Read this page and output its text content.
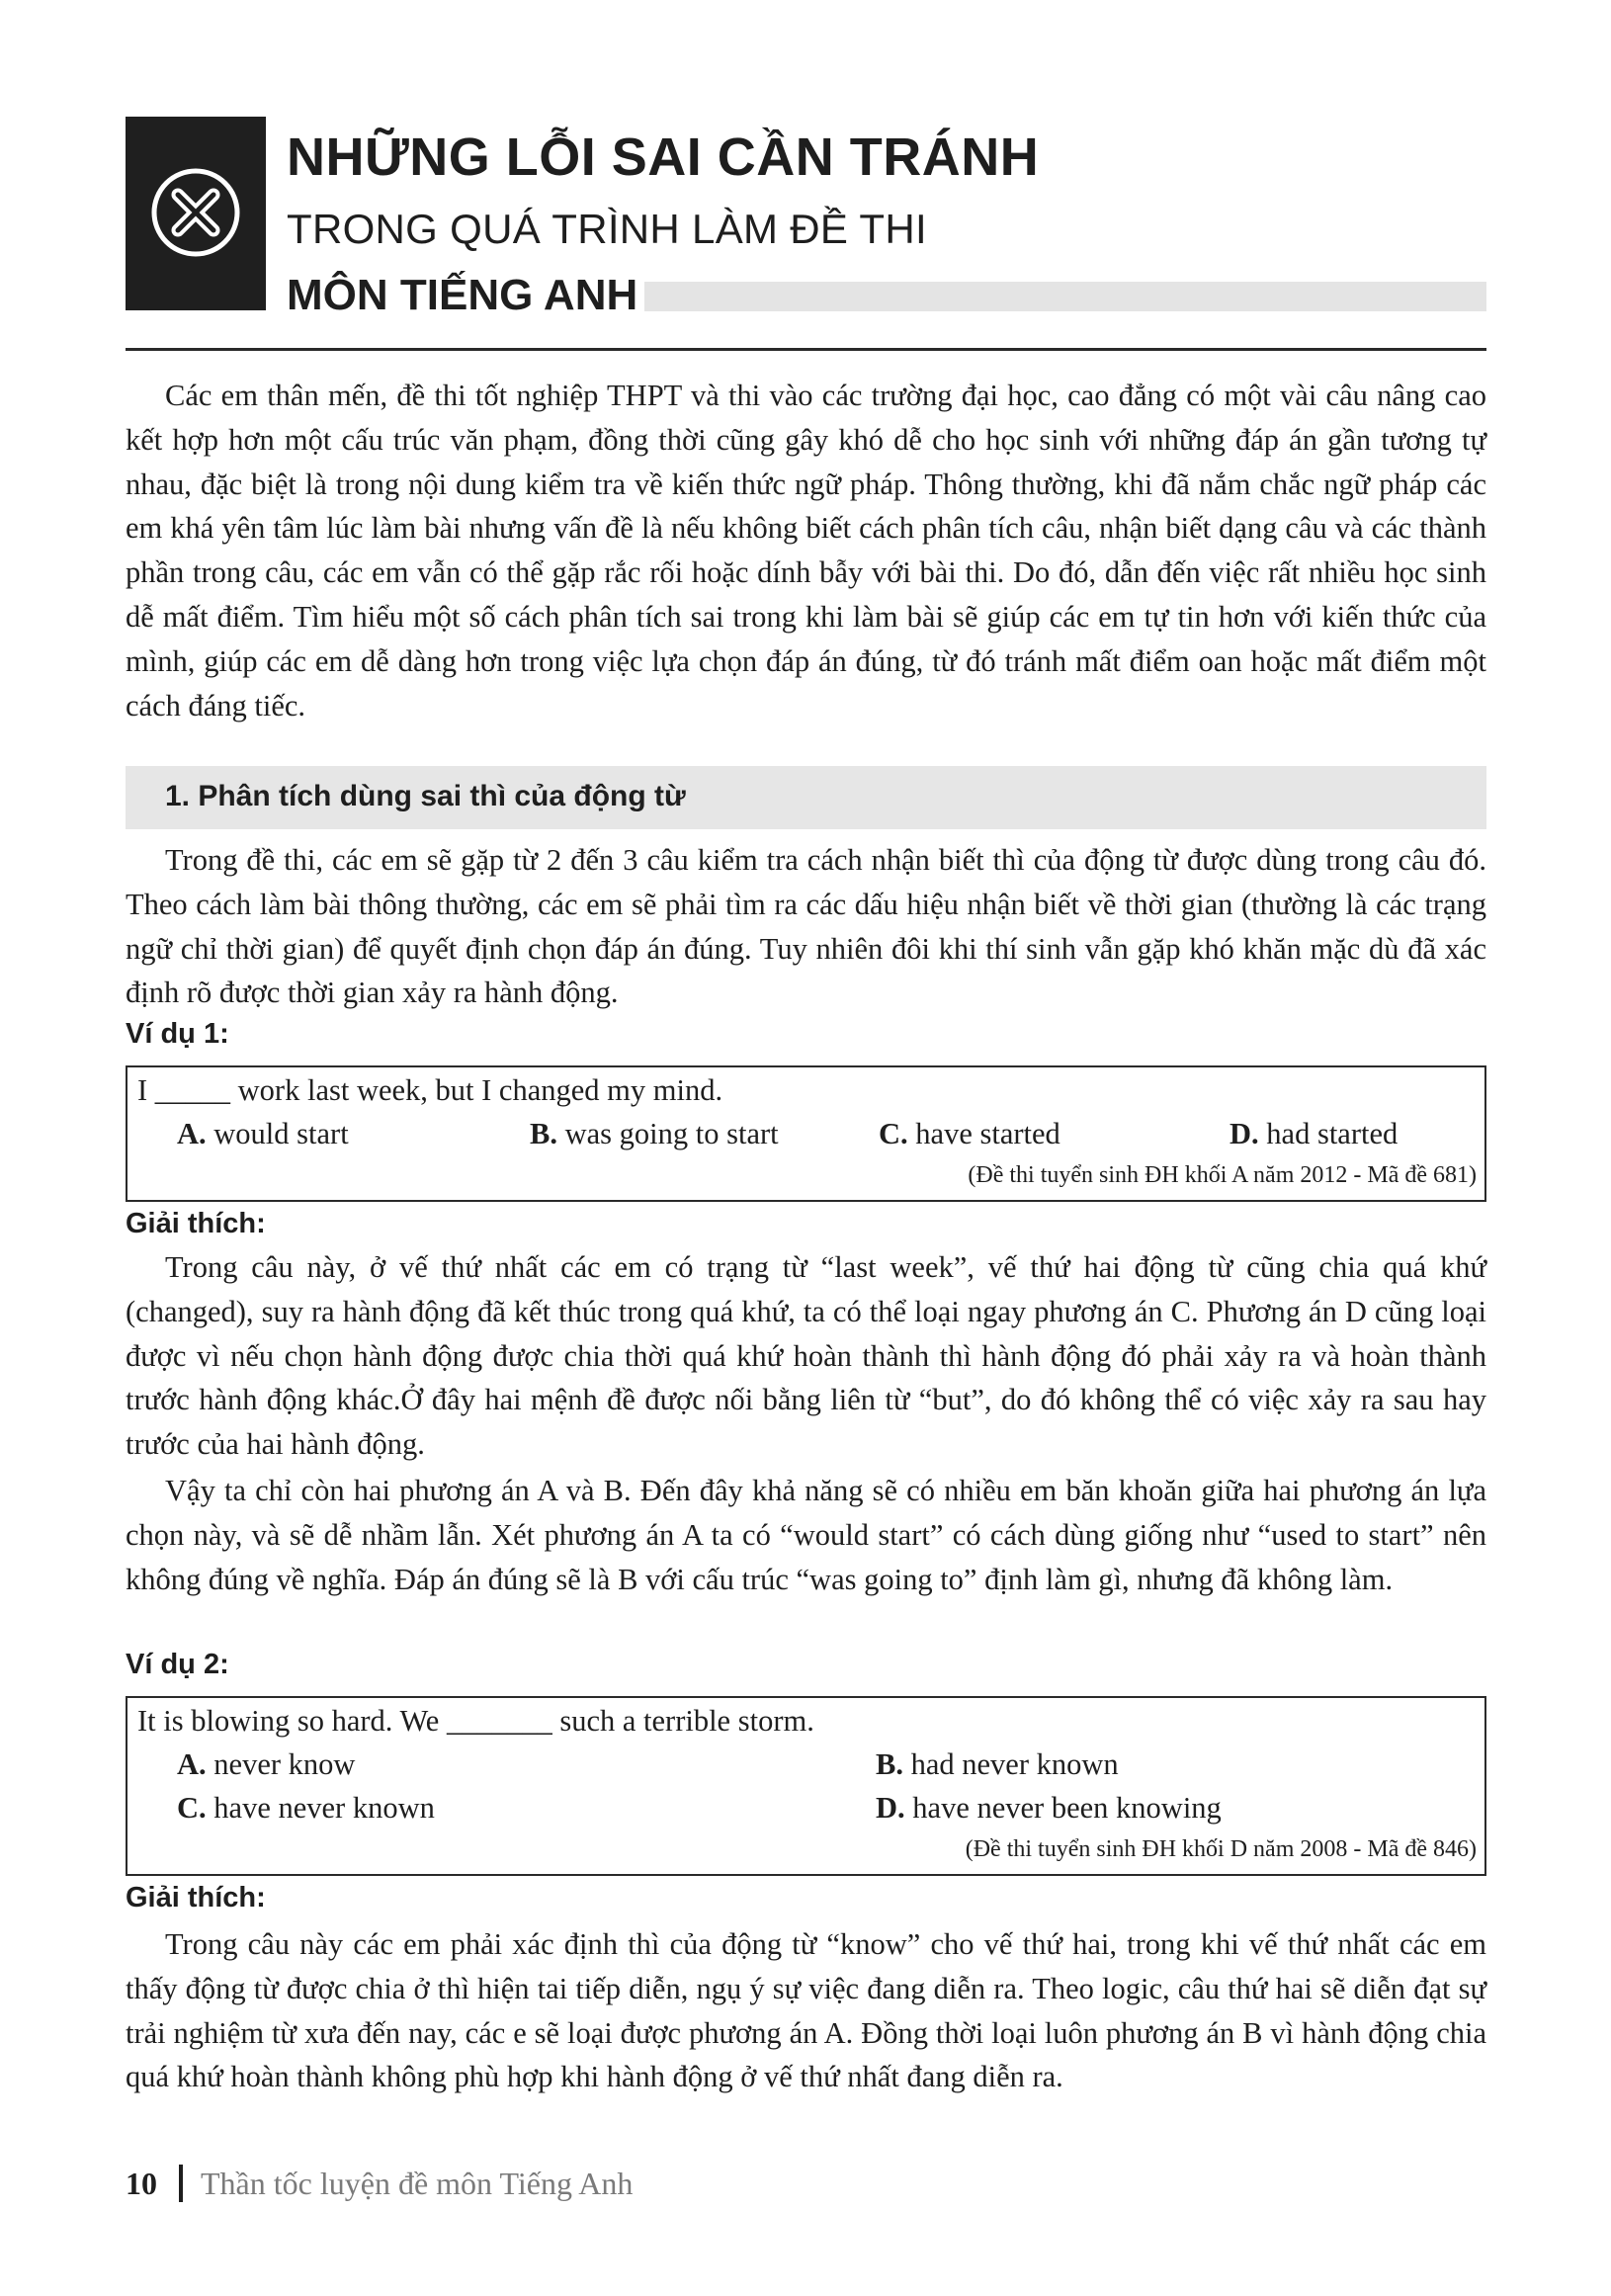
NHỮNG LỖI SAI CẦN TRÁNH
TRONG QUÁ TRÌNH LÀM ĐỀ THI
MÔN TIẾNG ANH

Các em thân mến, đề thi tốt nghiệp THPT và thi vào các trường đại học, cao đẳng có một vài câu nâng cao kết hợp hơn một cấu trúc văn phạm, đồng thời cũng gây khó dễ cho học sinh với những đáp án gần tương tự nhau, đặc biệt là trong nội dung kiểm tra về kiến thức ngữ pháp. Thông thường, khi đã nắm chắc ngữ pháp các em khá yên tâm lúc làm bài nhưng vấn đề là nếu không biết cách phân tích câu, nhận biết dạng câu và các thành phần trong câu, các em vẫn có thể gặp rắc rối hoặc dính bẫy với bài thi. Do đó, dẫn đến việc rất nhiều học sinh dễ mất điểm. Tìm hiểu một số cách phân tích sai trong khi làm bài sẽ giúp các em tự tin hơn với kiến thức của mình, giúp các em dễ dàng hơn trong việc lựa chọn đáp án đúng, từ đó tránh mất điểm oan hoặc mất điểm một cách đáng tiếc.

1. Phân tích dùng sai thì của động từ

Trong đề thi, các em sẽ gặp từ 2 đến 3 câu kiểm tra cách nhận biết thì của động từ được dùng trong câu đó. Theo cách làm bài thông thường, các em sẽ phải tìm ra các dấu hiệu nhận biết về thời gian (thường là các trạng ngữ chỉ thời gian) để quyết định chọn đáp án đúng. Tuy nhiên đôi khi thí sinh vẫn gặp khó khăn mặc dù đã xác định rõ được thời gian xảy ra hành động.

Ví dụ 1:
I _____ work last week, but I changed my mind.
A. would start	B. was going to start	C. have started	D. had started
(Đề thi tuyển sinh ĐH khối A năm 2012 - Mã đề 681)
Giải thích:

Trong câu này, ở vế thứ nhất các em có trạng từ “last week”, vế thứ hai động từ cũng chia quá khứ (changed), suy ra hành động đã kết thúc trong quá khứ, ta có thể loại ngay phương án C. Phương án D cũng loại được vì nếu chọn hành động được chia thời quá khứ hoàn thành thì hành động đó phải xảy ra và hoàn thành trước hành động khác.Ở đây hai mệnh đề được nối bằng liên từ “but”, do đó không thể có việc xảy ra sau hay trước của hai hành động.

Vậy ta chỉ còn hai phương án A và B. Đến đây khả năng sẽ có nhiều em băn khoăn giữa hai phương án lựa chọn này, và sẽ dễ nhầm lẫn. Xét phương án A ta có “would start” có cách dùng giống như “used to start” nên không đúng về nghĩa. Đáp án đúng sẽ là B với cấu trúc “was going to” định làm gì, nhưng đã không làm.

Ví dụ 2:
It is blowing so hard. We _______ such a terrible storm.
A. never know	B. had never known
C. have never known	D. have never been knowing
(Đề thi tuyển sinh ĐH khối D năm 2008 - Mã đề 846)
Giải thích:

Trong câu này các em phải xác định thì của động từ “know” cho vế thứ hai, trong khi vế thứ nhất các em thấy động từ được chia ở thì hiện tai tiếp diễn, ngụ ý sự việc đang diễn ra. Theo logic, câu thứ hai sẽ diễn đạt sự trải nghiệm từ xưa đến nay, các e sẽ loại được phương án A. Đồng thời loại luôn phương án B vì hành động chia quá khứ hoàn thành không phù hợp khi hành động ở vế thứ nhất đang diễn ra.

10 Thần tốc luyện đề môn Tiếng Anh
